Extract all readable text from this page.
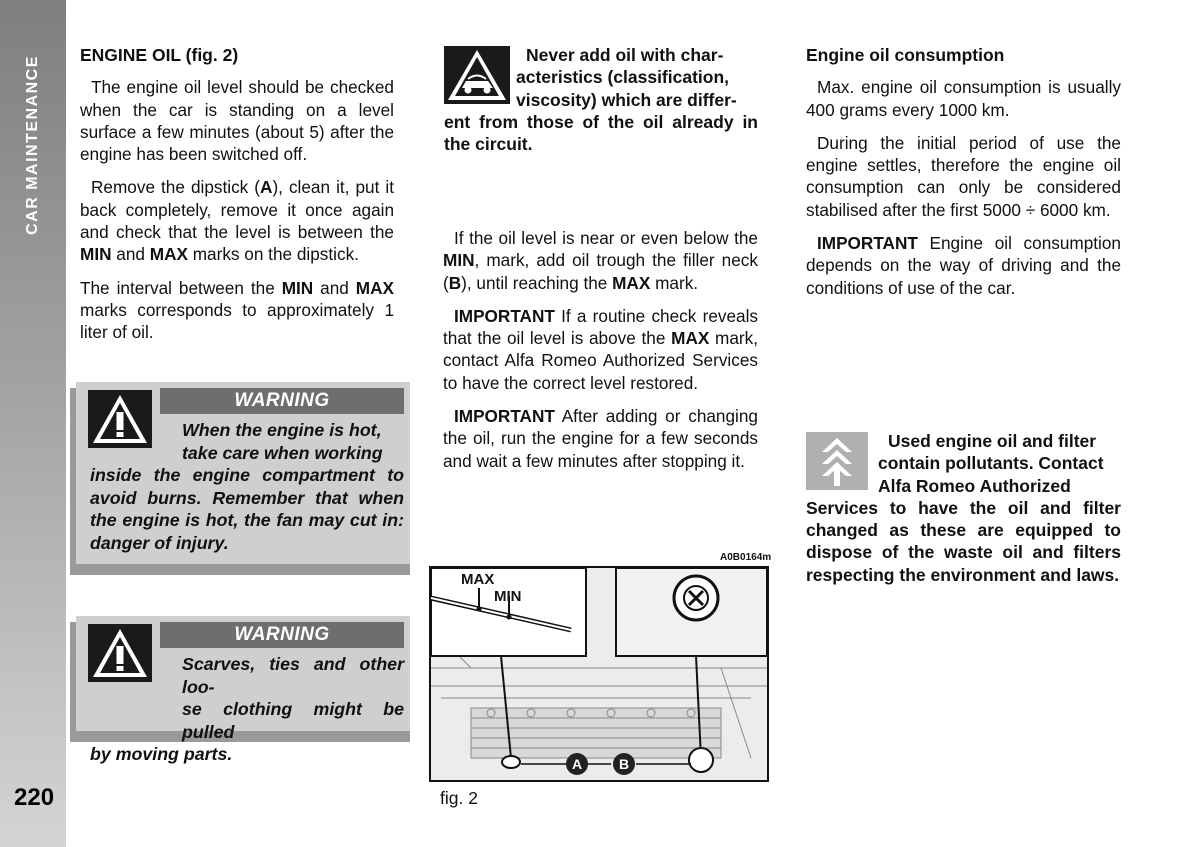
CAR MAINTENANCE
220
ENGINE OIL (fig. 2)

The engine oil level should be checked when the car is standing on a level surface a few minutes (about 5) after the engine has been switched off.

Remove the dipstick (A), clean it, put it back completely, remove it once again and check that the level is between the MIN and MAX marks on the dipstick.

The interval between the MIN and MAX marks corresponds to approximately 1 liter of oil.

WARNING
When the engine is hot,
take care when working
inside the engine compartment to avoid burns. Remember that when the engine is hot, the fan may cut in: danger of injury.
WARNING
Scarves, ties and other loo-
se clothing might be pulled
by moving parts.
Never add oil with char-
acteristics (classification,
viscosity) which are differ-
ent from those of the oil already in the circuit.

If the oil level is near or even below the MIN, mark, add oil trough the filler neck (B), until reaching the MAX mark.

IMPORTANT If a routine check reveals that the oil level is above the MAX mark, contact Alfa Romeo Authorized Services to have the correct level restored.

IMPORTANT After adding or changing the oil, run the engine for a few seconds and wait a few minutes after stopping it.

A0B0164m
MAX
MIN
A	B
fig. 2
Engine oil consumption

Max. engine oil consumption is usually 400 grams every 1000 km.

During the initial period of use the engine settles, therefore the engine oil consumption can only be considered stabilised after the first 5000 ÷ 6000 km.

IMPORTANT Engine oil consumption depends on the way of driving and the conditions of use of the car.

Used engine oil and filter
contain pollutants. Contact
Alfa Romeo Authorized
Services to have the oil and filter changed as these are equipped to dispose of the waste oil and filters respecting the environment and laws.
